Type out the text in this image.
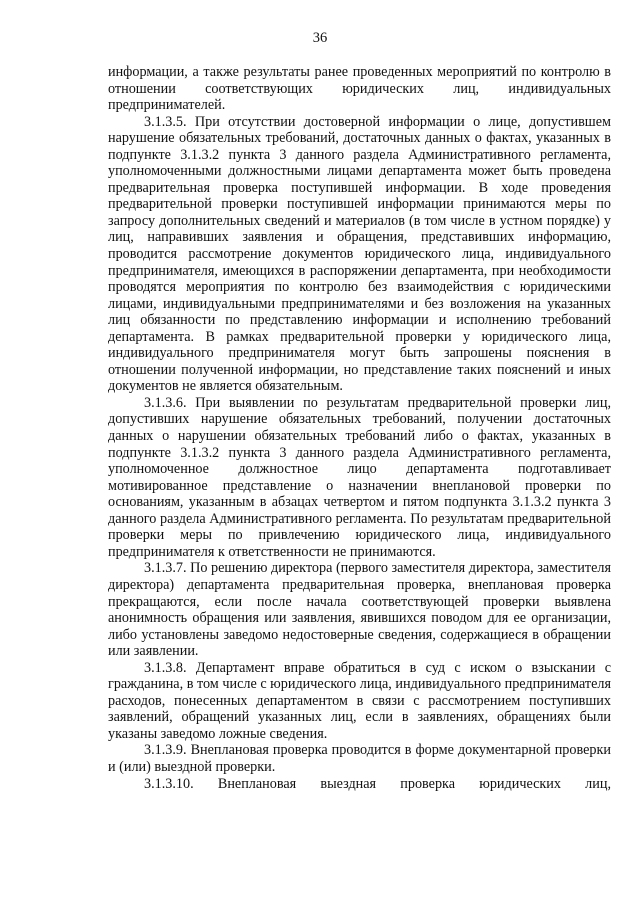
36

информации, а также результаты ранее проведенных мероприятий по контролю в отношении соответствующих юридических лиц, индивидуальных предпринимателей.

3.1.3.5. При отсутствии достоверной информации о лице, допустившем нарушение обязательных требований, достаточных данных о фактах, указанных в подпункте 3.1.3.2 пункта 3 данного раздела Административного регламента, уполномоченными должностными лицами департамента может быть проведена предварительная проверка поступившей информации. В ходе проведения предварительной проверки поступившей информации принимаются меры по запросу дополнительных сведений и материалов (в том числе в устном порядке) у лиц, направивших заявления и обращения, представивших информацию, проводится рассмотрение документов юридического лица, индивидуального предпринимателя, имеющихся в распоряжении департамента, при необходимости проводятся мероприятия по контролю без взаимодействия с юридическими лицами, индивидуальными предпринимателями и без возложения на указанных лиц обязанности по представлению информации и исполнению требований департамента. В рамках предварительной проверки у юридического лица, индивидуального предпринимателя могут быть запрошены пояснения в отношении полученной информации, но представление таких пояснений и иных документов не является обязательным.

3.1.3.6. При выявлении по результатам предварительной проверки лиц, допустивших нарушение обязательных требований, получении достаточных данных о нарушении обязательных требований либо о фактах, указанных в подпункте 3.1.3.2 пункта 3 данного раздела Административного регламента, уполномоченное должностное лицо департамента подготавливает мотивированное представление о назначении внеплановой проверки по основаниям, указанным в абзацах четвертом и пятом подпункта 3.1.3.2 пункта 3 данного раздела Административного регламента. По результатам предварительной проверки меры по привлечению юридического лица, индивидуального предпринимателя к ответственности не принимаются.

3.1.3.7. По решению директора (первого заместителя директора, заместителя директора) департамента предварительная проверка, внеплановая проверка прекращаются, если после начала соответствующей проверки выявлена анонимность обращения или заявления, явившихся поводом для ее организации, либо установлены заведомо недостоверные сведения, содержащиеся в обращении или заявлении.

3.1.3.8. Департамент вправе обратиться в суд с иском о взыскании с гражданина, в том числе с юридического лица, индивидуального предпринимателя расходов, понесенных департаментом в связи с рассмотрением поступивших заявлений, обращений указанных лиц, если в заявлениях, обращениях были указаны заведомо ложные сведения.

3.1.3.9. Внеплановая проверка проводится в форме документарной проверки и (или) выездной проверки.

3.1.3.10. Внеплановая выездная проверка юридических лиц,
